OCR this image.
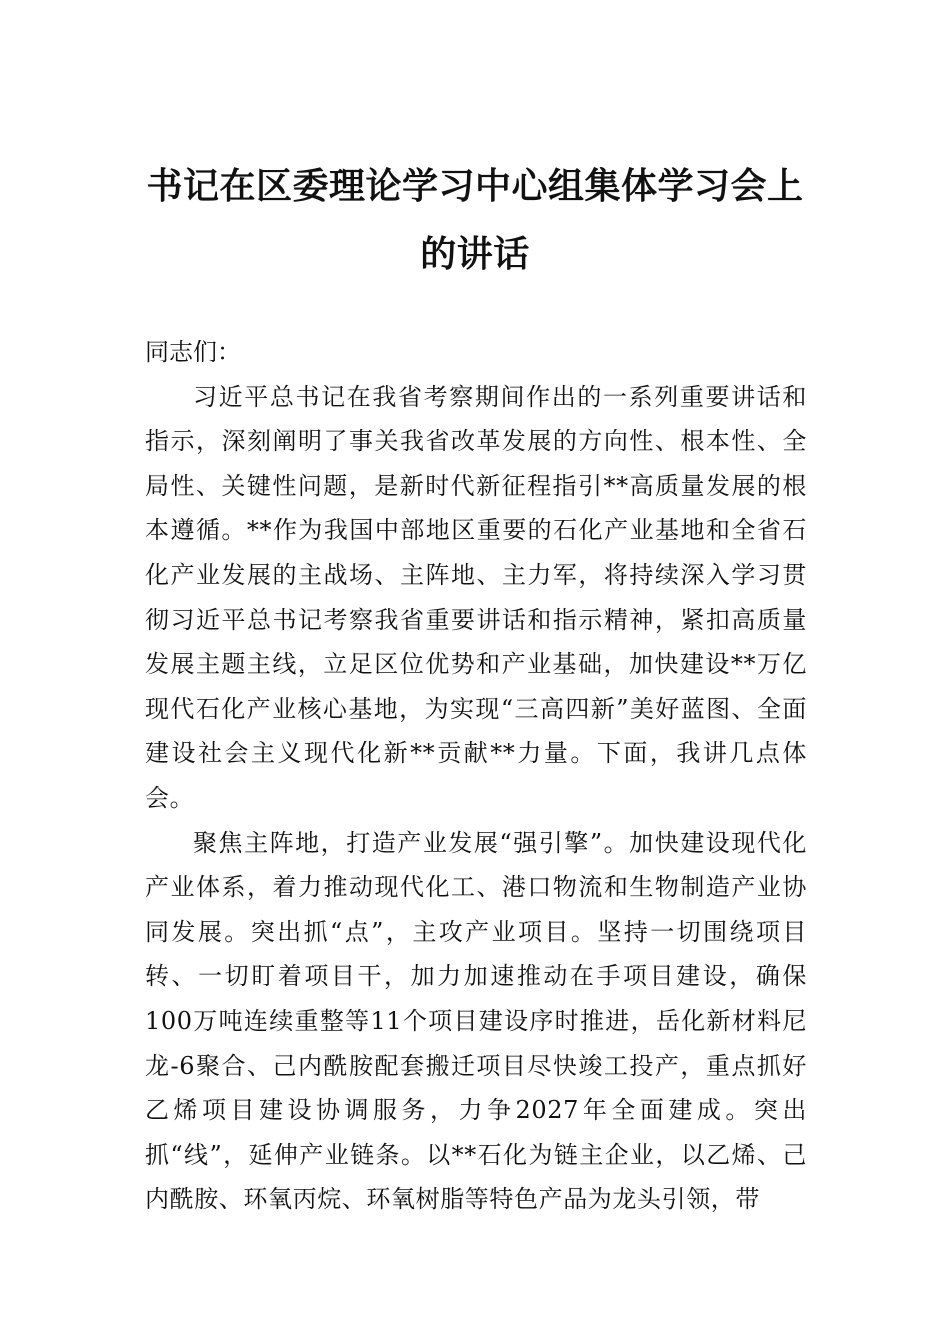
书记在区委理论学习中心组集体学习会上
的讲话

同志们：

习近平总书记在我省考察期间作出的一系列重要讲话和指示，深刻阐明了事关我省改革发展的方向性、根本性、全局性、关键性问题，是新时代新征程指引**高质量发展的根本遵循。**作为我国中部地区重要的石化产业基地和全省石化产业发展的主战场、主阵地、主力军，将持续深入学习贯彻习近平总书记考察我省重要讲话和指示精神，紧扣高质量发展主题主线，立足区位优势和产业基础，加快建设**万亿现代石化产业核心基地，为实现“三高四新”美好蓝图、全面建设社会主义现代化新**贡献**力量。下面，我讲几点体会。

聚焦主阵地，打造产业发展“强引擎”。加快建设现代化产业体系，着力推动现代化工、港口物流和生物制造产业协同发展。突出抓“点”，主攻产业项目。坚持一切围绕项目转、一切盯着项目干，加力加速推动在手项目建设，确保100万吨连续重整等11个项目建设序时推进，岳化新材料尼龙-6聚合、己内酰胺配套搬迁项目尽快竣工投产，重点抓好乙烯项目建设协调服务，力争2027年全面建成。突出抓“线”，延伸产业链条。以**石化为链主企业，以乙烯、己内酰胺、环氧丙烷、环氧树脂等特色产品为龙头引领，带
